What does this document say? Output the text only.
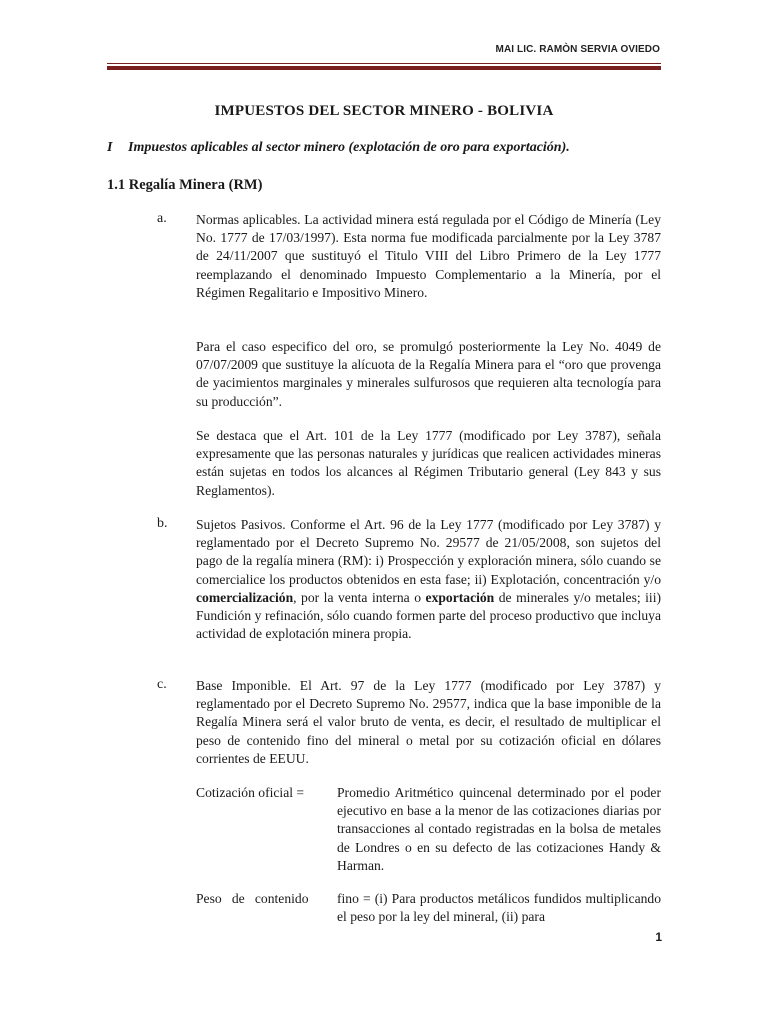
MAI LIC. RAMÒN SERVIA OVIEDO
IMPUESTOS DEL SECTOR MINERO - BOLIVIA
I Impuestos aplicables al sector minero (explotación de oro para exportación).
1.1 Regalía Minera (RM)
a. Normas aplicables. La actividad minera está regulada por el Código de Minería (Ley No. 1777 de 17/03/1997). Esta norma fue modificada parcialmente por la Ley 3787 de 24/11/2007 que sustituyó el Titulo VIII del Libro Primero de la Ley 1777 reemplazando el denominado Impuesto Complementario a la Minería, por el Régimen Regalitario e Impositivo Minero.
Para el caso especifico del oro, se promulgó posteriormente la Ley No. 4049 de 07/07/2009 que sustituye la alícuota de la Regalía Minera para el “oro que provenga de yacimientos marginales y minerales sulfurosos que requieren alta tecnología para su producción”.
Se destaca que el Art. 101 de la Ley 1777 (modificado por Ley 3787), señala expresamente que las personas naturales y jurídicas que realicen actividades mineras están sujetas en todos los alcances al Régimen Tributario general (Ley 843 y sus Reglamentos).
b. Sujetos Pasivos. Conforme el Art. 96 de la Ley 1777 (modificado por Ley 3787) y reglamentado por el Decreto Supremo No. 29577 de 21/05/2008, son sujetos del pago de la regalía minera (RM): i) Prospección y exploración minera, sólo cuando se comercialice los productos obtenidos en esta fase; ii) Explotación, concentración y/o comercialización, por la venta interna o exportación de minerales y/o metales; iii) Fundición y refinación, sólo cuando formen parte del proceso productivo que incluya actividad de explotación minera propia.
c. Base Imponible. El Art. 97 de la Ley 1777 (modificado por Ley 3787) y reglamentado por el Decreto Supremo No. 29577, indica que la base imponible de la Regalía Minera será el valor bruto de venta, es decir, el resultado de multiplicar el peso de contenido fino del mineral o metal por su cotización oficial en dólares corrientes de EEUU.
Cotización oficial =	Promedio Aritmético quincenal determinado por el poder ejecutivo en base a la menor de las cotizaciones diarias por transacciones al contado registradas en la bolsa de metales de Londres o en su defecto de las cotizaciones Handy & Harman.
Peso   de   contenido	fino = (i) Para productos metálicos fundidos multiplicando el peso por la ley del mineral, (ii) para
1
